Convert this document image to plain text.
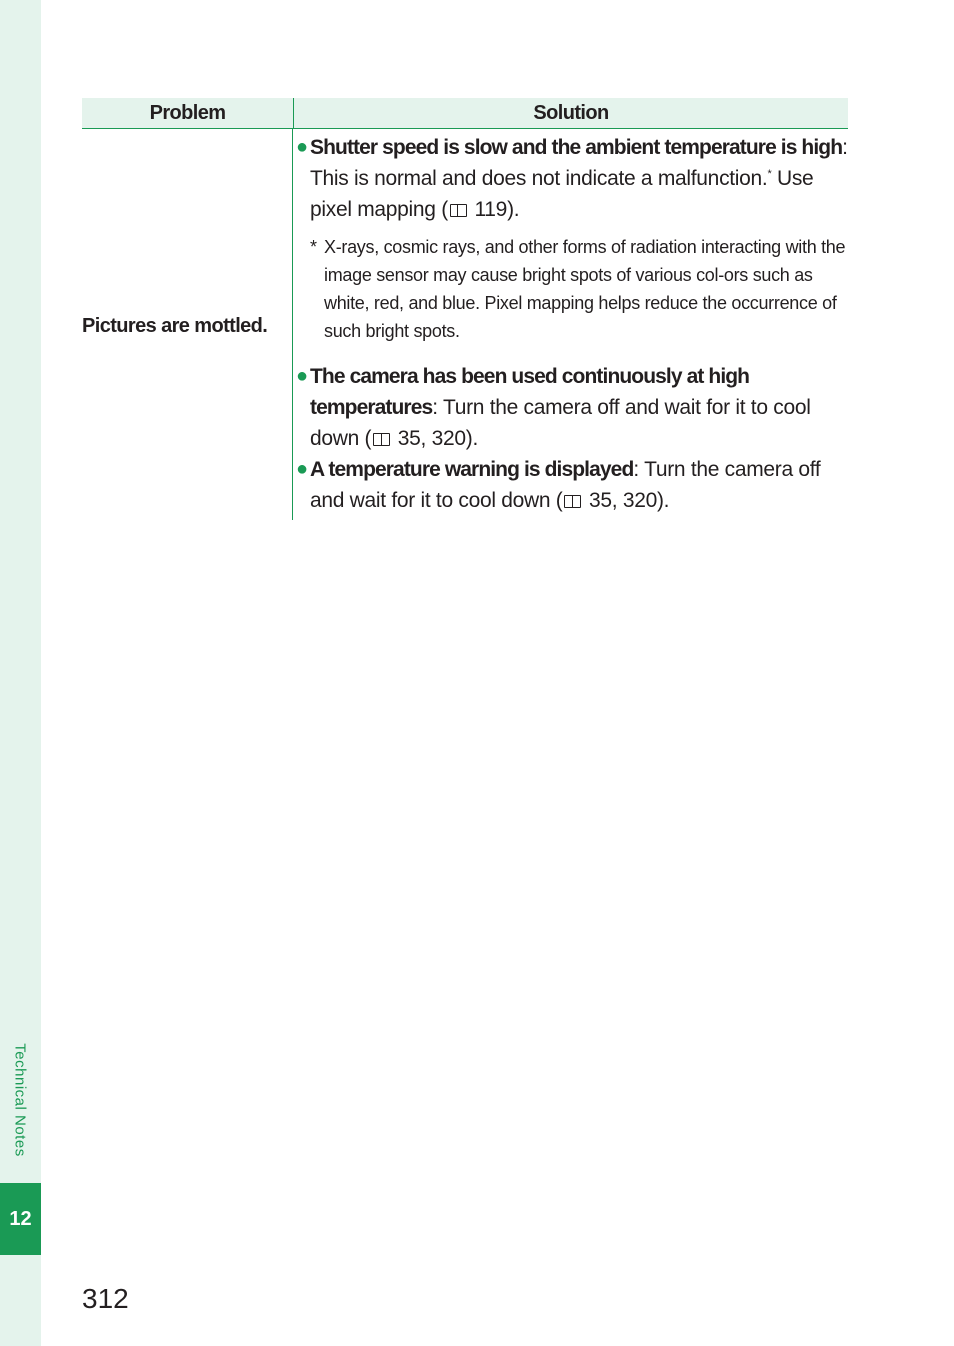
Technical Notes
12
Problem	Solution
Pictures are mottled.
● Shutter speed is slow and the ambient temperature is high: This is normal and does not indicate a malfunction.* Use pixel mapping ( 119).
* X-rays, cosmic rays, and other forms of radiation interacting with the image sensor may cause bright spots of various col-ors such as white, red, and blue. Pixel mapping helps reduce the occurrence of such bright spots.
● The camera has been used continuously at high temperatures: Turn the camera off and wait for it to cool down ( 35, 320).
● A temperature warning is displayed: Turn the camera off and wait for it to cool down ( 35, 320).
312
